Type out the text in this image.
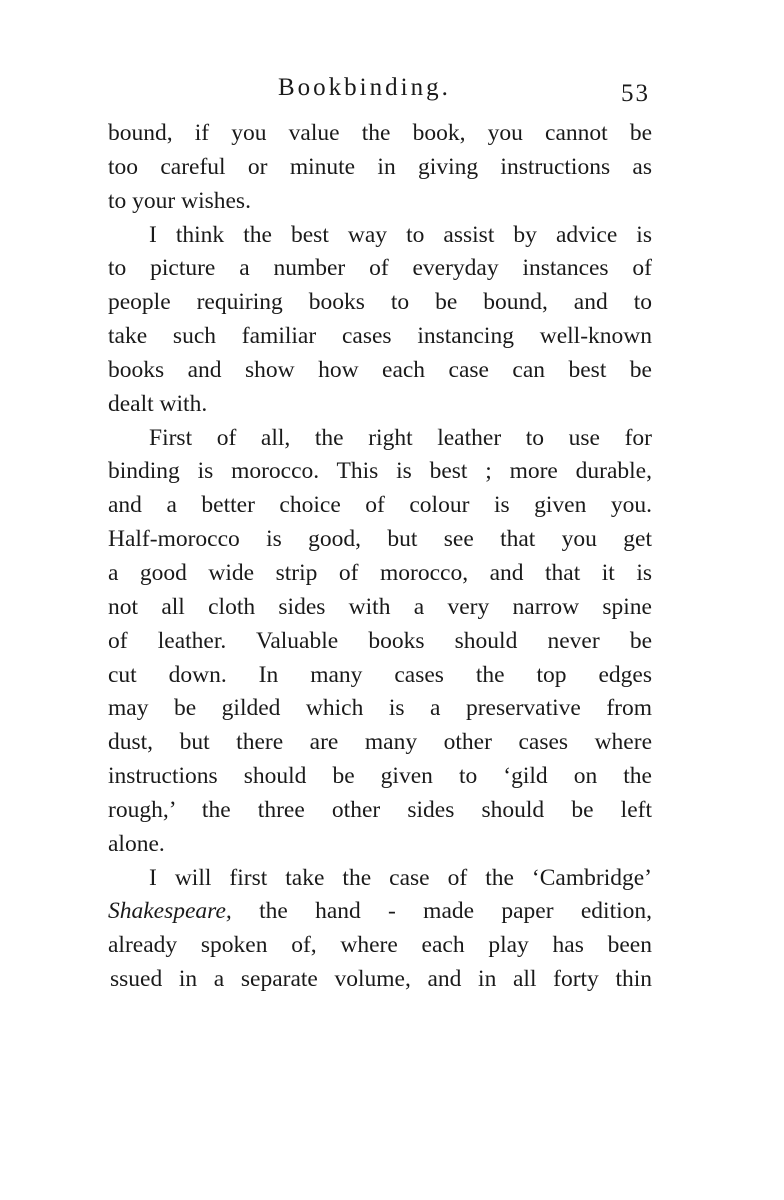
Bookbinding.	53
bound, if you value the book, you cannot be
too careful or minute in giving instructions as
to your wishes.
I think the best way to assist by advice is
to picture a number of everyday instances of
people requiring books to be bound, and to
take such familiar cases instancing well-known
books and show how each case can best be
dealt with.
First of all, the right leather to use for
binding is morocco. This is best ; more durable,
and a better choice of colour is given you.
Half-morocco is good, but see that you get
a good wide strip of morocco, and that it is
not all cloth sides with a very narrow spine
of leather. Valuable books should never be
cut down. In many cases the top edges
may be gilded which is a preservative from
dust, but there are many other cases where
instructions should be given to ‘gild on the
rough,’ the three other sides should be left
alone.
I will first take the case of the ‘Cambridge’
Shakespeare, the hand - made paper edition,
already spoken of, where each play has been
ssued in a separate volume, and in all forty thin
